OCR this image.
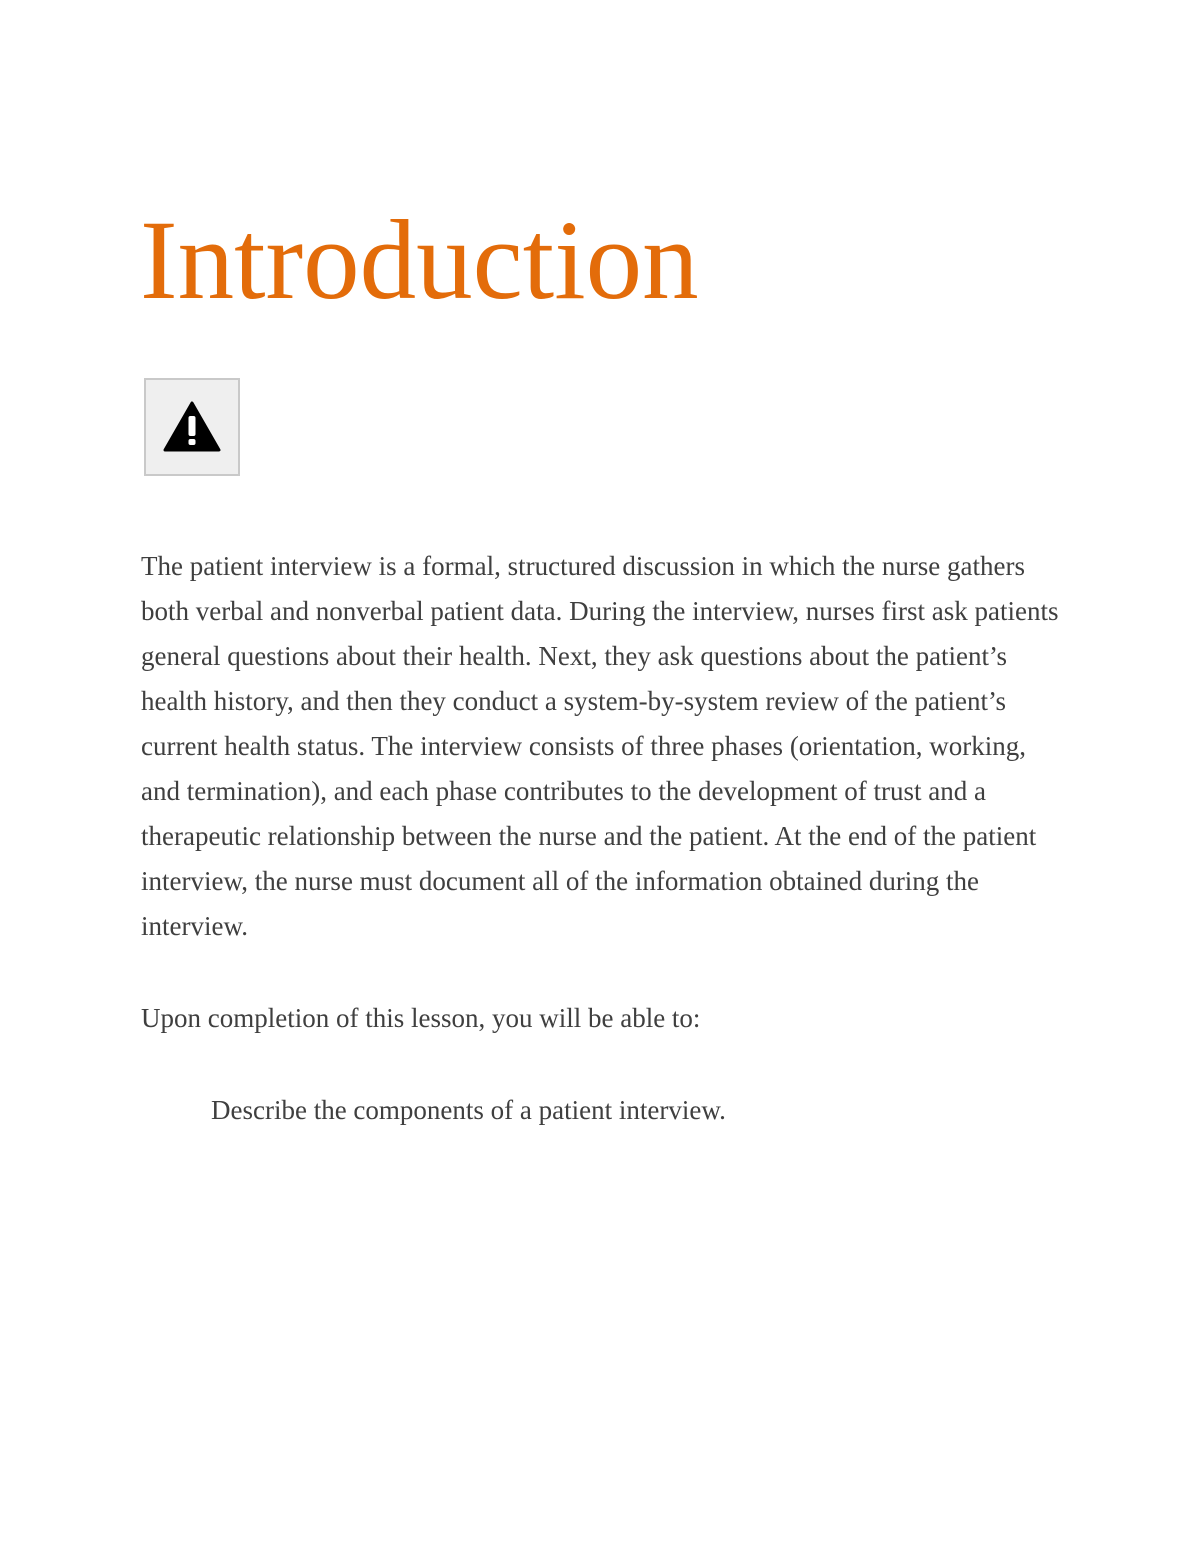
Introduction

The patient interview is a formal, structured discussion in which the nurse gathers both verbal and nonverbal patient data. During the interview, nurses first ask patients general questions about their health. Next, they ask questions about the patient’s health history, and then they conduct a system-by-system review of the patient’s current health status. The interview consists of three phases (orientation, working, and termination), and each phase contributes to the development of trust and a therapeutic relationship between the nurse and the patient. At the end of the patient interview, the nurse must document all of the information obtained during the interview.

Upon completion of this lesson, you will be able to:

Describe the components of a patient interview.
